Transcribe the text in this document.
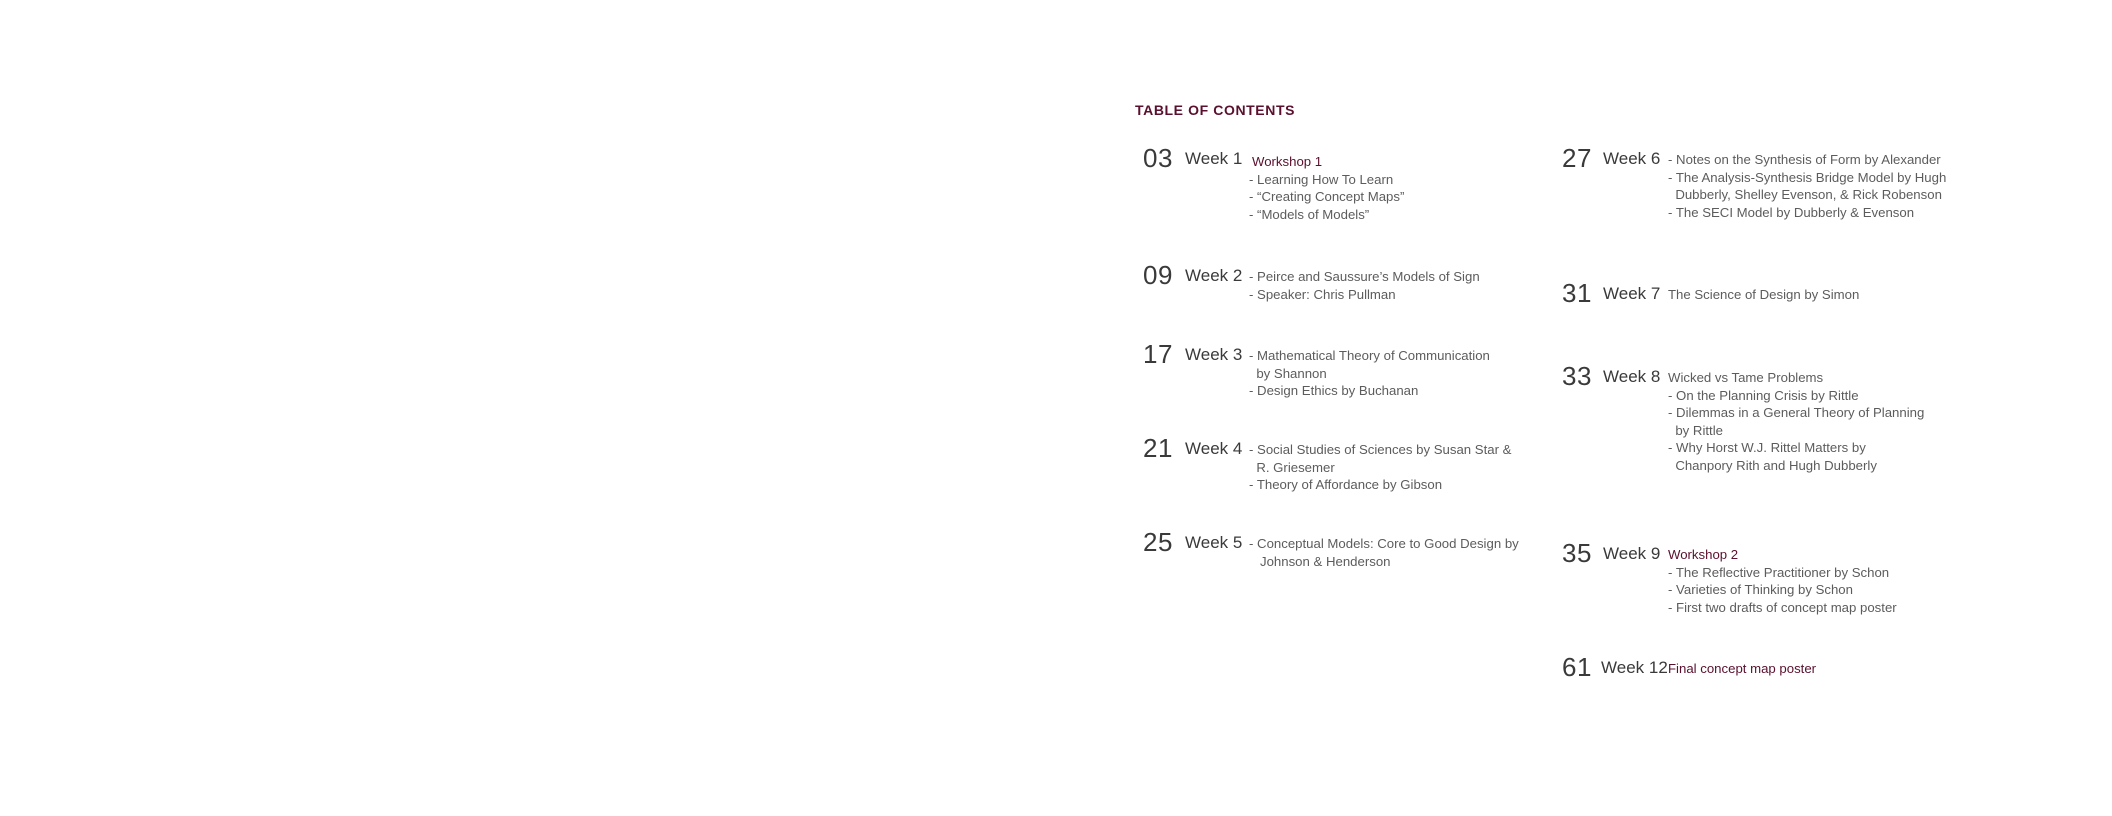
TABLE OF CONTENTS
03 Week 1 Workshop 1
- Learning How To Learn
- “Creating Concept Maps”
- “Models of Models”
09 Week 2 - Peirce and Saussure’s Models of Sign
- Speaker: Chris Pullman
17 Week 3 - Mathematical Theory of Communication
by Shannon
- Design Ethics by Buchanan
21 Week 4 - Social Studies of Sciences by Susan Star &
R. Griesemer
- Theory of Affordance by Gibson
25 Week 5 - Conceptual Models: Core to Good Design by
Johnson & Henderson
27 Week 6 - Notes on the Synthesis of Form by Alexander
- The Analysis-Synthesis Bridge Model by Hugh
Dubberly, Shelley Evenson, & Rick Robenson
- The SECI Model by Dubberly & Evenson
31 Week 7 The Science of Design by Simon
33 Week 8 Wicked vs Tame Problems
- On the Planning Crisis by Rittle
- Dilemmas in a General Theory of Planning
by Rittle
- Why Horst W.J. Rittel Matters by
Chanpory Rith and Hugh Dubberly
35 Week 9 Workshop 2
- The Reflective Practitioner by Schon
- Varieties of Thinking by Schon
- First two drafts of concept map poster
61 Week 12 Final concept map poster
